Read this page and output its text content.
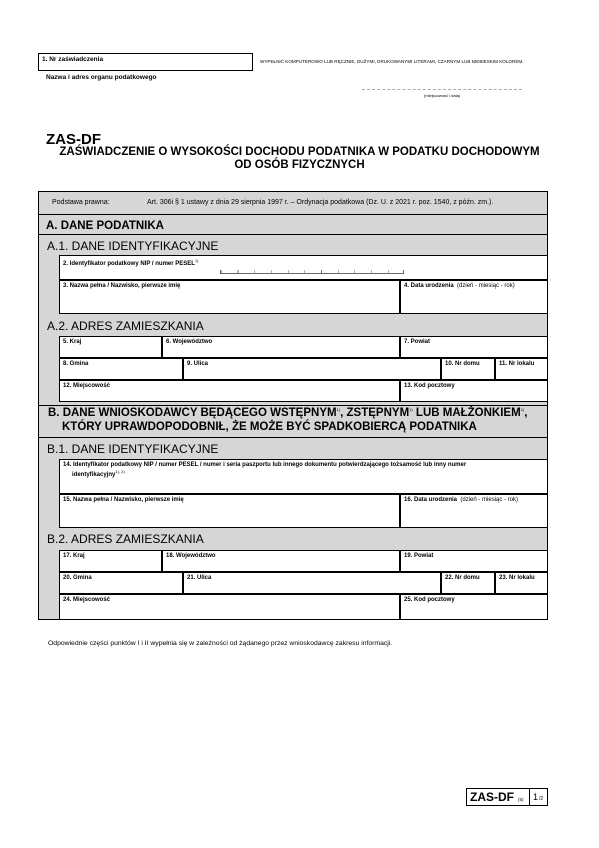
1. Nr zaświadczenia	WYPEŁNIĆ KOMPUTEROWO LUB RĘCZNIE, DUŻYMI, DRUKOWANYMI LITERAMI, CZARNYM LUB NIEBIESKIM KOLOREM.
Nazwa i adres organu podatkowego
(miejscowość i data)
ZAS-DF
ZAŚWIADCZENIE O WYSOKOŚCI DOCHODU PODATNIKA W PODATKU DOCHODOWYM
OD OSÓB FIZYCZNYCH
Podstawa prawna:	Art. 306i § 1 ustawy z dnia 29 sierpnia 1997 r. – Ordynacja podatkowa (Dz. U. z 2021 r. poz. 1540, z późn. zm.).
A. DANE PODATNIKA
A.1. DANE IDENTYFIKACYJNE
2. Identyfikator podatkowy NIP / numer PESEL$^{1)}$
3. Nazwa pełna / Nazwisko, pierwsze imię	4. Data urodzenia (dzień - miesiąc - rok)
A.2. ADRES ZAMIESZKANIA
5. Kraj	6. Województwo	7. Powiat
8. Gmina	9. Ulica	10. Nr domu	11. Nr lokalu
12. Miejscowość	13. Kod pocztowy
B. DANE WNIOSKODAWCY BĘDĄCEGO WSTĘPNYM$^{1)}$, ZSTĘPNYM$^{1)}$ LUB MAŁŻONKIEM$^{1)}$,
KTÓRY UPRAWDOPODOBNIŁ, ŻE MOŻE BYĆ SPADKOBIERCĄ PODATNIKA
B.1. DANE IDENTYFIKACYJNE
14. Identyfikator podatkowy NIP / numer PESEL / numer i seria paszportu lub innego dokumentu potwierdzającego tożsamość lub inny numer
identyfikacyjny$^{1), 2)}$
15. Nazwa pełna / Nazwisko, pierwsze imię	16. Data urodzenia (dzień - miesiąc - rok)
B.2. ADRES ZAMIESZKANIA
17. Kraj	18. Województwo	19. Powiat
20. Gmina	21. Ulica	22. Nr domu	23. Nr lokalu
24. Miejscowość	25. Kod pocztowy
Odpowiednie części punktów I i II wypełnia się w zależności od żądanego przez wnioskodawcę zakresu informacji.
ZAS-DF (5) 1 /2
